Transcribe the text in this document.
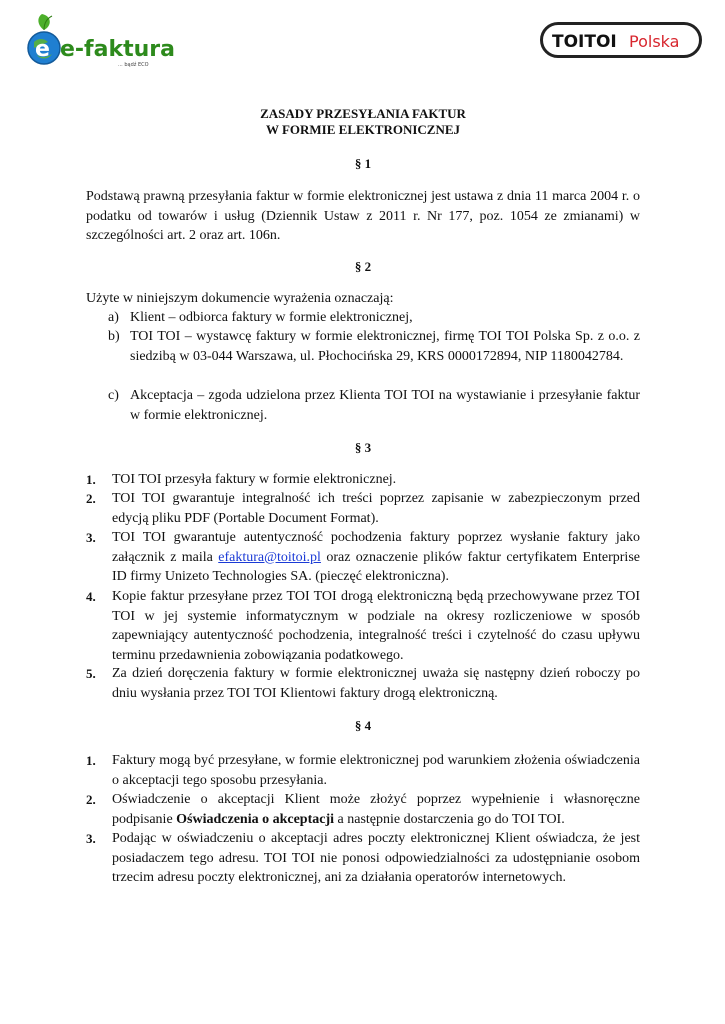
e e-faktura
... bądź ECO
TOITOI Polska
ZASADY PRZESYŁANIA FAKTUR
W FORMIE ELEKTRONICZNEJ
§ 1
Podstawą prawną przesyłania faktur w formie elektronicznej jest ustawa z dnia 11 marca 2004 r. o podatku od towarów i usług (Dziennik Ustaw z 2011 r. Nr 177, poz. 1054 ze zmianami) w szczególności art. 2 oraz art. 106n.
§ 2
Użyte w niniejszym dokumencie wyrażenia oznaczają:
a) Klient – odbiorca faktury w formie elektronicznej,
b) TOI TOI – wystawcę faktury w formie elektronicznej, firmę TOI TOI Polska Sp. z o.o. z siedzibą w 03-044 Warszawa, ul. Płochocińska 29, KRS 0000172894, NIP 1180042784.
c) Akceptacja – zgoda udzielona przez Klienta TOI TOI na wystawianie i przesyłanie faktur w formie elektronicznej.
§ 3
1. TOI TOI przesyła faktury w formie elektronicznej.
2. TOI TOI gwarantuje integralność ich treści poprzez zapisanie w zabezpieczonym przed edycją pliku PDF (Portable Document Format).
3. TOI TOI gwarantuje autentyczność pochodzenia faktury poprzez wysłanie faktury jako załącznik z maila efaktura@toitoi.pl oraz oznaczenie plików faktur certyfikatem Enterprise ID firmy Unizeto Technologies SA. (pieczęć elektroniczna).
4. Kopie faktur przesyłane przez TOI TOI drogą elektroniczną będą przechowywane przez TOI TOI w jej systemie informatycznym w podziale na okresy rozliczeniowe w sposób zapewniający autentyczność pochodzenia, integralność treści i czytelność do czasu upływu terminu przedawnienia zobowiązania podatkowego.
5. Za dzień doręczenia faktury w formie elektronicznej uważa się następny dzień roboczy po dniu wysłania przez TOI TOI Klientowi faktury drogą elektroniczną.
§ 4
1. Faktury mogą być przesyłane, w formie elektronicznej pod warunkiem złożenia oświadczenia o akceptacji tego sposobu przesyłania.
2. Oświadczenie o akceptacji Klient może złożyć poprzez wypełnienie i własnoręczne podpisanie Oświadczenia o akceptacji a następnie dostarczenia go do TOI TOI.
3. Podając w oświadczeniu o akceptacji adres poczty elektronicznej Klient oświadcza, że jest posiadaczem tego adresu. TOI TOI nie ponosi odpowiedzialności za udostępnianie osobom trzecim adresu poczty elektronicznej, ani za działania operatorów internetowych.
